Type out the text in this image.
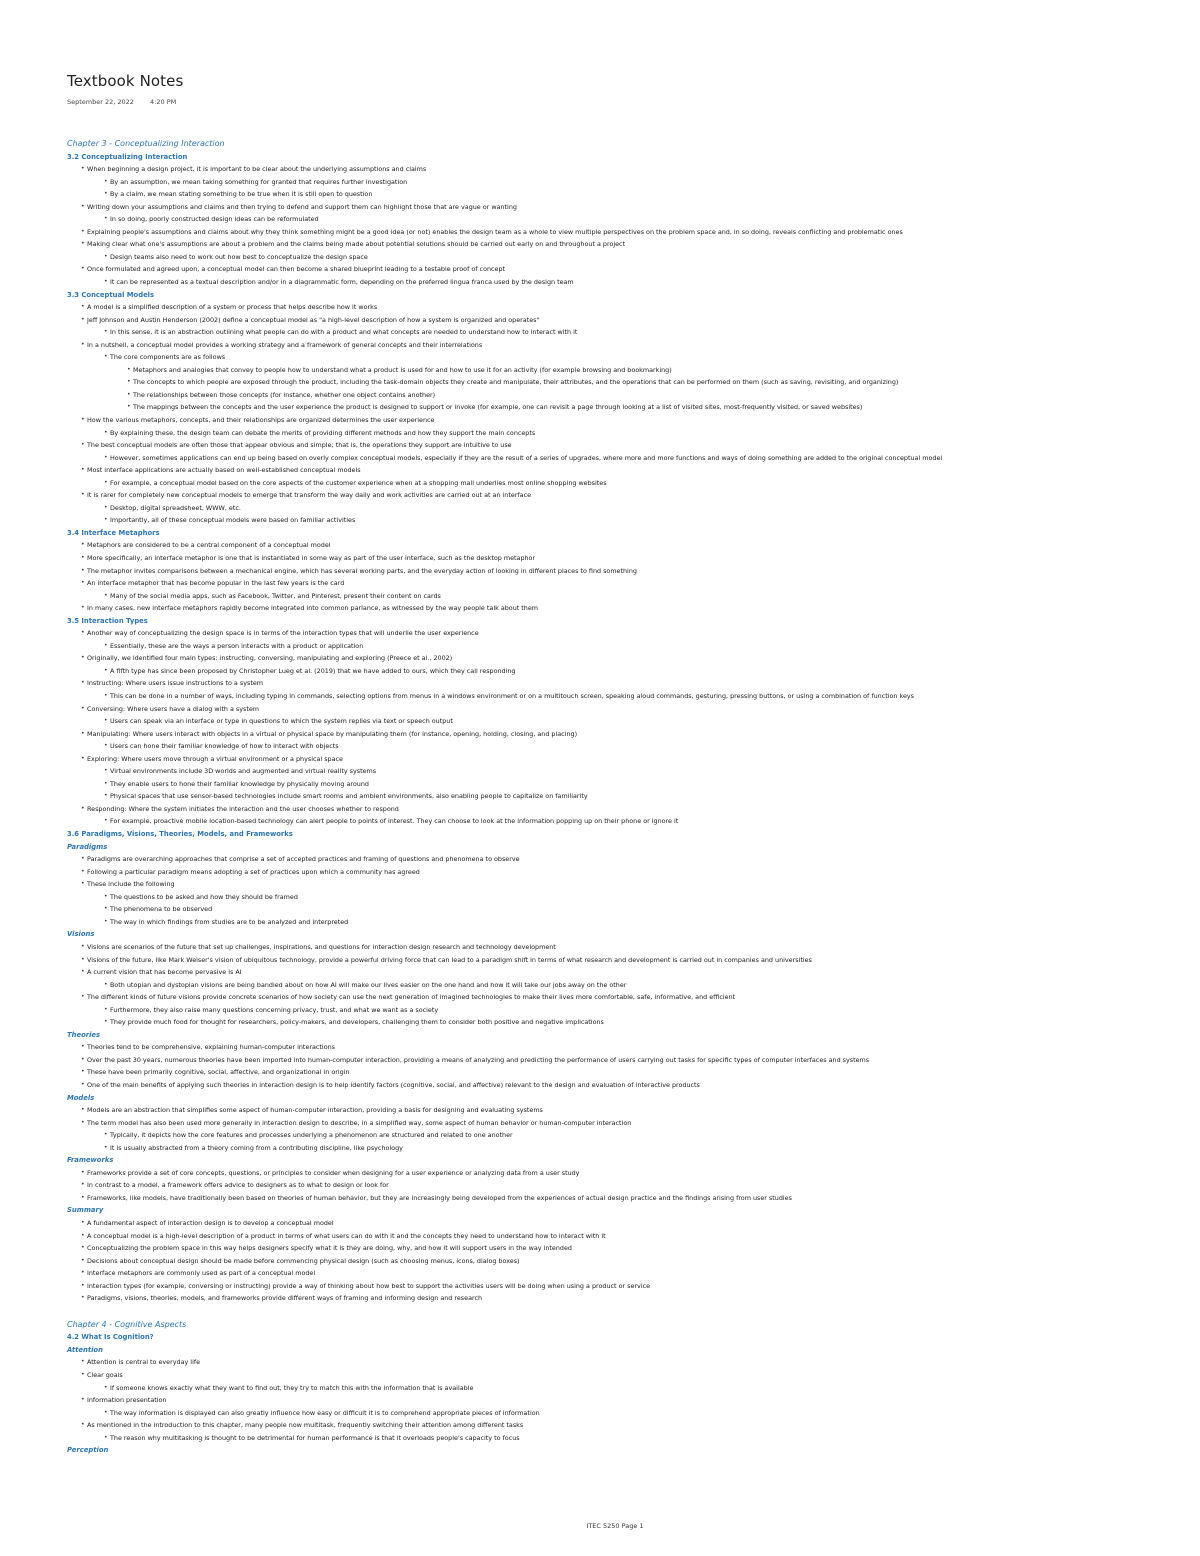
Textbook Notes
September 22, 2022 4:20 PM
Chapter 3 - Conceptualizing Interaction
3.2 Conceptualizing Interaction
• When beginning a design project, it is important to be clear about the underlying assumptions and claims
• By an assumption, we mean taking something for granted that requires further investigation
• By a claim, we mean stating something to be true when it is still open to question
• Writing down your assumptions and claims and then trying to defend and support them can highlight those that are vague or wanting
• In so doing, poorly constructed design ideas can be reformulated
• Explaining people's assumptions and claims about why they think something might be a good idea (or not) enables the design team as a whole to view multiple perspectives on the problem space and, in so doing, reveals conflicting and problematic ones
• Making clear what one's assumptions are about a problem and the claims being made about potential solutions should be carried out early on and throughout a project
• Design teams also need to work out how best to conceptualize the design space
• Once formulated and agreed upon, a conceptual model can then become a shared blueprint leading to a testable proof of concept
• It can be represented as a textual description and/or in a diagrammatic form, depending on the preferred lingua franca used by the design team
3.3 Conceptual Models
• A model is a simplified description of a system or process that helps describe how it works
• Jeff Johnson and Austin Henderson (2002) define a conceptual model as "a high-level description of how a system is organized and operates"
• In this sense, it is an abstraction outlining what people can do with a product and what concepts are needed to understand how to interact with it
• In a nutshell, a conceptual model provides a working strategy and a framework of general concepts and their interrelations
• The core components are as follows
• Metaphors and analogies that convey to people how to understand what a product is used for and how to use it for an activity (for example browsing and bookmarking)
• The concepts to which people are exposed through the product, including the task-domain objects they create and manipulate, their attributes, and the operations that can be performed on them (such as saving, revisiting, and organizing)
• The relationships between those concepts (for instance, whether one object contains another)
• The mappings between the concepts and the user experience the product is designed to support or invoke (for example, one can revisit a page through looking at a list of visited sites, most-frequently visited, or saved websites)
• How the various metaphors, concepts, and their relationships are organized determines the user experience
• By explaining these, the design team can debate the merits of providing different methods and how they support the main concepts
• The best conceptual models are often those that appear obvious and simple; that is, the operations they support are intuitive to use
• However, sometimes applications can end up being based on overly complex conceptual models, especially if they are the result of a series of upgrades, where more and more functions and ways of doing something are added to the original conceptual model
• Most interface applications are actually based on well-established conceptual models
• For example, a conceptual model based on the core aspects of the customer experience when at a shopping mall underlies most online shopping websites
• It is rarer for completely new conceptual models to emerge that transform the way daily and work activities are carried out at an interface
• Desktop, digital spreadsheet, WWW, etc.
• Importantly, all of these conceptual models were based on familiar activities
3.4 Interface Metaphors
• Metaphors are considered to be a central component of a conceptual model
• More specifically, an interface metaphor is one that is instantiated in some way as part of the user interface, such as the desktop metaphor
• The metaphor invites comparisons between a mechanical engine, which has several working parts, and the everyday action of looking in different places to find something
• An interface metaphor that has become popular in the last few years is the card
• Many of the social media apps, such as Facebook, Twitter, and Pinterest, present their content on cards
• In many cases, new interface metaphors rapidly become integrated into common parlance, as witnessed by the way people talk about them
3.5 Interaction Types
• Another way of conceptualizing the design space is in terms of the interaction types that will underlie the user experience
• Essentially, these are the ways a person interacts with a product or application
• Originally, we identified four main types: instructing, conversing, manipulating and exploring (Preece et al., 2002)
• A fifth type has since been proposed by Christopher Lueg et al. (2019) that we have added to ours, which they call responding
• Instructing: Where users issue instructions to a system
• This can be done in a number of ways, including typing in commands, selecting options from menus in a windows environment or on a multitouch screen, speaking aloud commands, gesturing, pressing buttons, or using a combination of function keys
• Conversing: Where users have a dialog with a system
• Users can speak via an interface or type in questions to which the system replies via text or speech output
• Manipulating: Where users interact with objects in a virtual or physical space by manipulating them (for instance, opening, holding, closing, and placing)
• Users can hone their familiar knowledge of how to interact with objects
• Exploring: Where users move through a virtual environment or a physical space
• Virtual environments include 3D worlds and augmented and virtual reality systems
• They enable users to hone their familiar knowledge by physically moving around
• Physical spaces that use sensor-based technologies include smart rooms and ambient environments, also enabling people to capitalize on familiarity
• Responding: Where the system initiates the interaction and the user chooses whether to respond
• For example, proactive mobile location-based technology can alert people to points of interest. They can choose to look at the information popping up on their phone or ignore it
3.6 Paradigms, Visions, Theories, Models, and Frameworks
Paradigms
• Paradigms are overarching approaches that comprise a set of accepted practices and framing of questions and phenomena to observe
• Following a particular paradigm means adopting a set of practices upon which a community has agreed
• These include the following
• The questions to be asked and how they should be framed
• The phenomena to be observed
• The way in which findings from studies are to be analyzed and interpreted
Visions
• Visions are scenarios of the future that set up challenges, inspirations, and questions for interaction design research and technology development
• Visions of the future, like Mark Weiser's vision of ubiquitous technology, provide a powerful driving force that can lead to a paradigm shift in terms of what research and development is carried out in companies and universities
• A current vision that has become pervasive is AI
• Both utopian and dystopian visions are being bandied about on how AI will make our lives easier on the one hand and how it will take our jobs away on the other
• The different kinds of future visions provide concrete scenarios of how society can use the next generation of imagined technologies to make their lives more comfortable, safe, informative, and efficient
• Furthermore, they also raise many questions concerning privacy, trust, and what we want as a society
• They provide much food for thought for researchers, policy-makers, and developers, challenging them to consider both positive and negative implications
Theories
• Theories tend to be comprehensive, explaining human-computer interactions
• Over the past 30 years, numerous theories have been imported into human-computer interaction, providing a means of analyzing and predicting the performance of users carrying out tasks for specific types of computer interfaces and systems
• These have been primarily cognitive, social, affective, and organizational in origin
• One of the main benefits of applying such theories in interaction design is to help identify factors (cognitive, social, and affective) relevant to the design and evaluation of interactive products
Models
• Models are an abstraction that simplifies some aspect of human-computer interaction, providing a basis for designing and evaluating systems
• The term model has also been used more generally in interaction design to describe, in a simplified way, some aspect of human behavior or human-computer interaction
• Typically, it depicts how the core features and processes underlying a phenomenon are structured and related to one another
• It is usually abstracted from a theory coming from a contributing discipline, like psychology
Frameworks
• Frameworks provide a set of core concepts, questions, or principles to consider when designing for a user experience or analyzing data from a user study
• In contrast to a model, a framework offers advice to designers as to what to design or look for
• Frameworks, like models, have traditionally been based on theories of human behavior, but they are increasingly being developed from the experiences of actual design practice and the findings arising from user studies
Summary
• A fundamental aspect of interaction design is to develop a conceptual model
• A conceptual model is a high-level description of a product in terms of what users can do with it and the concepts they need to understand how to interact with it
• Conceptualizing the problem space in this way helps designers specify what it is they are doing, why, and how it will support users in the way intended
• Decisions about conceptual design should be made before commencing physical design (such as choosing menus, icons, dialog boxes)
• Interface metaphors are commonly used as part of a conceptual model
• Interaction types (for example, conversing or instructing) provide a way of thinking about how best to support the activities users will be doing when using a product or service
• Paradigms, visions, theories, models, and frameworks provide different ways of framing and informing design and research
Chapter 4 - Cognitive Aspects
4.2 What Is Cognition?
Attention
• Attention is central to everyday life
• Clear goals
• If someone knows exactly what they want to find out, they try to match this with the information that is available
• Information presentation
• The way information is displayed can also greatly influence how easy or difficult it is to comprehend appropriate pieces of information
• As mentioned in the introduction to this chapter, many people now multitask, frequently switching their attention among different tasks
• The reason why multitasking is thought to be detrimental for human performance is that it overloads people's capacity to focus
Perception
ITEC 5250 Page 1
